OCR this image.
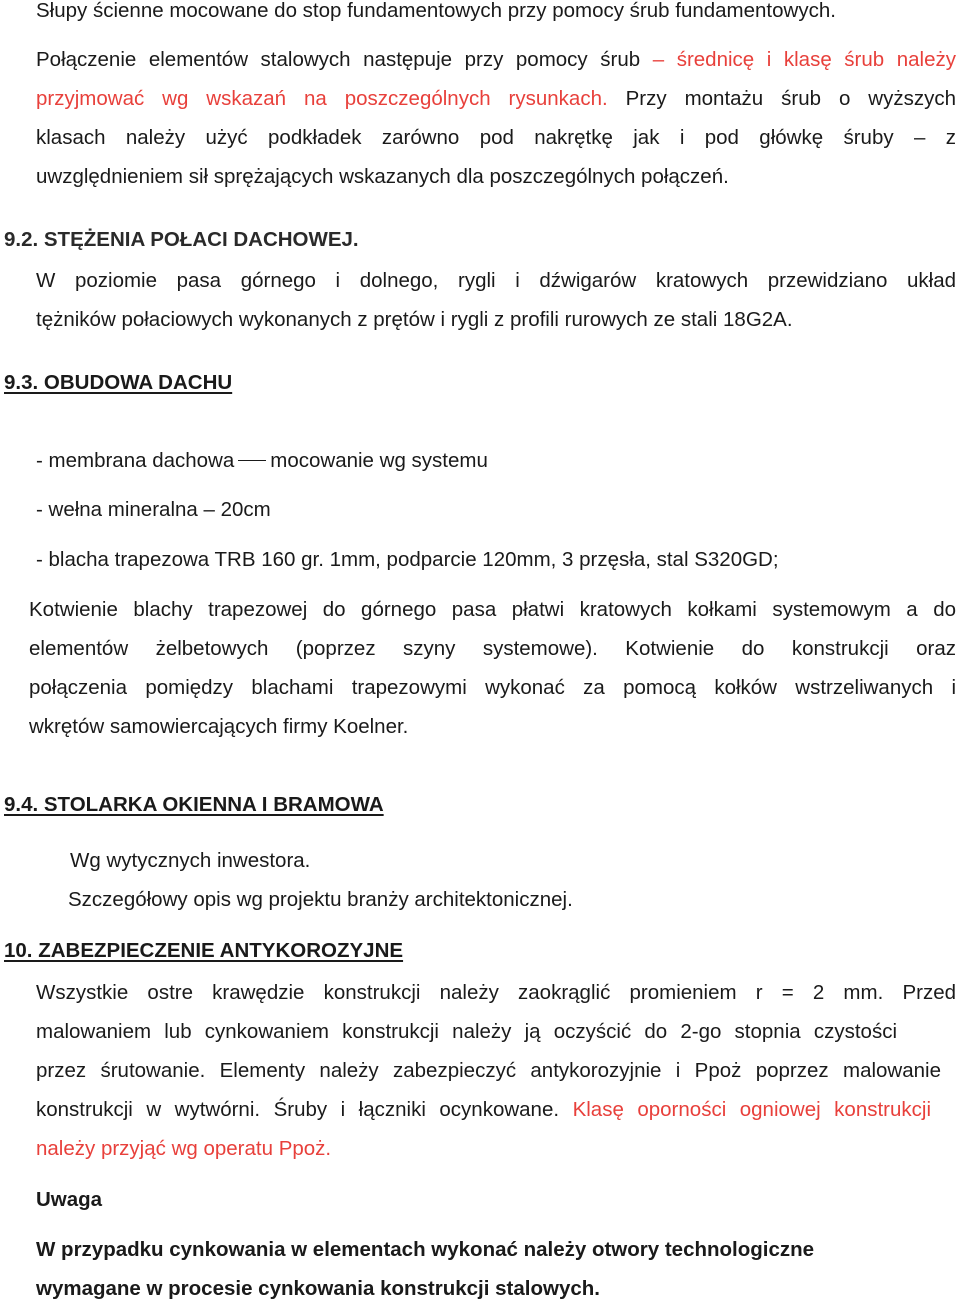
Słupy ścienne mocowane do stop fundamentowych przy pomocy śrub fundamentowych.
Połączenie elementów stalowych następuje przy pomocy śrub – średnicę i klasę śrub należy
przyjmować wg wskazań na poszczególnych rysunkach. Przy montażu śrub o wyższych
klasach należy użyć podkładek zarówno pod nakrętkę jak i pod główkę śruby – z
uwzględnieniem sił sprężających wskazanych dla poszczególnych połączeń.
9.2. STĘŻENIA POŁACI DACHOWEJ.
W poziomie pasa górnego i dolnego, rygli i dźwigarów kratowych przewidziano układ
tężników połaciowych wykonanych z prętów i rygli z profili rurowych ze stali 18G2A.
9.3. OBUDOWA DACHU
- membrana dachowa mocowanie wg systemu
- wełna mineralna – 20cm
- blacha trapezowa TRB 160 gr. 1mm, podparcie 120mm, 3 przęsła, stal S320GD;
Kotwienie blachy trapezowej do górnego pasa płatwi kratowych kołkami systemowym a do
elementów żelbetowych (poprzez szyny systemowe). Kotwienie do konstrukcji oraz
połączenia pomiędzy blachami trapezowymi wykonać za pomocą kołków wstrzeliwanych i
wkrętów samowiercających firmy Koelner.
9.4. STOLARKA OKIENNA I BRAMOWA
Wg wytycznych inwestora.
Szczegółowy opis wg projektu branży architektonicznej.
10. ZABEZPIECZENIE ANTYKOROZYJNE
Wszystkie ostre krawędzie konstrukcji należy zaokrąglić promieniem r = 2 mm. Przed
malowaniem lub cynkowaniem konstrukcji należy ją oczyścić do 2-go stopnia czystości
przez śrutowanie. Elementy należy zabezpieczyć antykorozyjnie i Ppoż poprzez malowanie
konstrukcji w wytwórni. Śruby i łączniki ocynkowane. Klasę oporności ogniowej konstrukcji
należy przyjąć wg operatu Ppoż.
Uwaga
W przypadku cynkowania w elementach wykonać należy otwory technologiczne
wymagane w procesie cynkowania konstrukcji stalowych.
